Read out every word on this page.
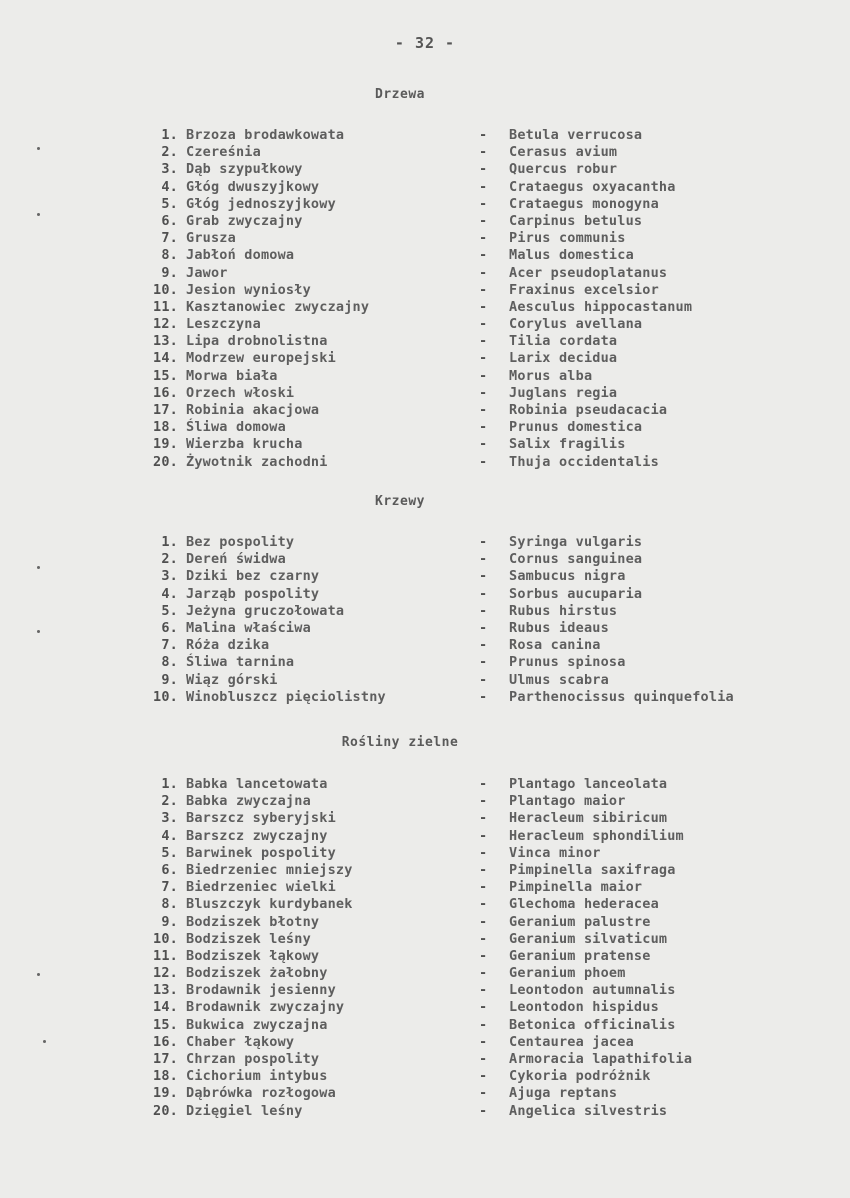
- 32 -
Drzewa
1. Brzoza brodawkowata	- Betula verrucosa
2. Czereśnia	- Cerasus avium
3. Dąb szypułkowy	- Quercus robur
4. Głóg dwuszyjkowy	- Crataegus oxyacantha
5. Głóg jednoszyjkowy	- Crataegus monogyna
6. Grab zwyczajny	- Carpinus betulus
7. Grusza	- Pirus communis
8. Jabłoń domowa	- Malus domestica
9. Jawor	- Acer pseudoplatanus
10. Jesion wyniosły	- Fraxinus excelsior
11. Kasztanowiec zwyczajny	- Aesculus hippocastanum
12. Leszczyna	- Corylus avellana
13. Lipa drobnolistna	- Tilia cordata
14. Modrzew europejski	- Larix decidua
15. Morwa biała	- Morus alba
16. Orzech włoski	- Juglans regia
17. Robinia akacjowa	- Robinia pseudacacia
18. Śliwa domowa	- Prunus domestica
19. Wierzba krucha	- Salix fragilis
20. Żywotnik zachodni	- Thuja occidentalis
Krzewy
1. Bez pospolity	- Syringa vulgaris
2. Dereń świdwa	- Cornus sanguinea
3. Dziki bez czarny	- Sambucus nigra
4. Jarząb pospolity	- Sorbus aucuparia
5. Jeżyna gruczołowata	- Rubus hirstus
6. Malina właściwa	- Rubus ideaus
7. Róża dzika	- Rosa canina
8. Śliwa tarnina	- Prunus spinosa
9. Wiąz górski	- Ulmus scabra
10. Winobluszcz pięciolistny	- Parthenocissus quinquefolia
Rośliny zielne
1. Babka lancetowata	- Plantago lanceolata
2. Babka zwyczajna	- Plantago maior
3. Barszcz syberyjski	- Heracleum sibiricum
4. Barszcz zwyczajny	- Heracleum sphondilium
5. Barwinek pospolity	- Vinca minor
6. Biedrzeniec mniejszy	- Pimpinella saxifraga
7. Biedrzeniec wielki	- Pimpinella maior
8. Bluszczyk kurdybanek	- Glechoma hederacea
9. Bodziszek błotny	- Geranium palustre
10. Bodziszek leśny	- Geranium silvaticum
11. Bodziszek łąkowy	- Geranium pratense
12. Bodziszek żałobny	- Geranium phoem
13. Brodawnik jesienny	- Leontodon autumnalis
14. Brodawnik zwyczajny	- Leontodon hispidus
15. Bukwica zwyczajna	- Betonica officinalis
16. Chaber łąkowy	- Centaurea jacea
17. Chrzan pospolity	- Armoracia lapathifolia
18. Cichorium intybus	- Cykoria podróżnik
19. Dąbrówka rozłogowa	- Ajuga reptans
20. Dzięgiel leśny	- Angelica silvestris
